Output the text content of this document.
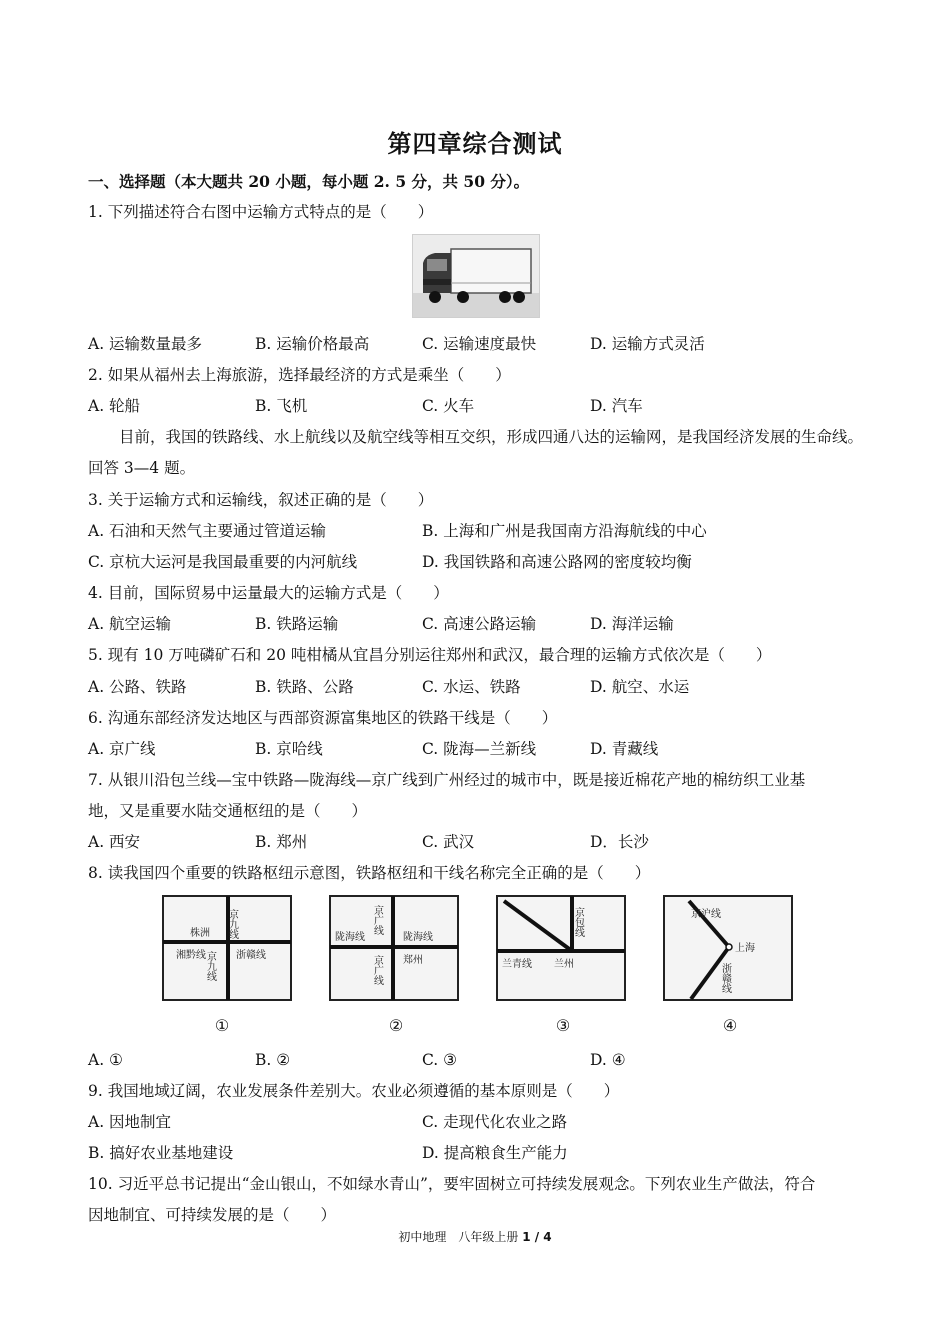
第四章综合测试
一、选择题（本大题共 20 小题，每小题 2. 5 分，共 50 分）。
1. 下列描述符合右图中运输方式特点的是（　　）
A. 运输数量最多	B. 运输价格最高	C. 运输速度最快	D. 运输方式灵活
2. 如果从福州去上海旅游，选择最经济的方式是乘坐（　　）
A. 轮船	B. 飞机	C. 火车	D. 汽车
　　目前，我国的铁路线、水上航线以及航空线等相互交织，形成四通八达的运输网，是我国经济发展的生命线。回答 3—4 题。
3. 关于运输方式和运输线，叙述正确的是（　　）
A. 石油和天然气主要通过管道运输	B. 上海和广州是我国南方沿海航线的中心
C. 京杭大运河是我国最重要的内河航线	D. 我国铁路和高速公路网的密度较均衡
4. 目前，国际贸易中运量最大的运输方式是（　　）
A. 航空运输	B. 铁路运输	C. 高速公路运输	D. 海洋运输
5. 现有 10 万吨磷矿石和 20 吨柑橘从宜昌分别运往郑州和武汉，最合理的运输方式依次是（　　）
A. 公路、铁路	B. 铁路、公路	C. 水运、铁路	D. 航空、水运
6. 沟通东部经济发达地区与西部资源富集地区的铁路干线是（　　）
A. 京广线	B. 京哈线	C. 陇海—兰新线	D. 青藏线
7. 从银川沿包兰线—宝中铁路—陇海线—京广线到广州经过的城市中，既是接近棉花产地的棉纺织工业基
地，又是重要水陆交通枢纽的是（　　）
A. 西安	B. 郑州	C. 武汉	D．长沙
8. 读我国四个重要的铁路枢纽示意图，铁路枢纽和干线名称完全正确的是（　　）
株洲 京九线
湘黔线	浙赣线
京九线
京广线
陇海线	陇海线
郑州
京广线
京包线
兰青线 兰州
京沪线
上海
浙赣线
①	②	③	④
A. ①	B. ②	C. ③	D. ④
9. 我国地域辽阔，农业发展条件差别大。农业必须遵循的基本原则是（　　）
A. 因地制宜	C. 走现代化农业之路
B. 搞好农业基地建设	D. 提高粮食生产能力
10. 习近平总书记提出“金山银山，不如绿水青山”，要牢固树立可持续发展观念。下列农业生产做法，符合
因地制宜、可持续发展的是（　　）
初中地理　八年级上册 1 / 4
